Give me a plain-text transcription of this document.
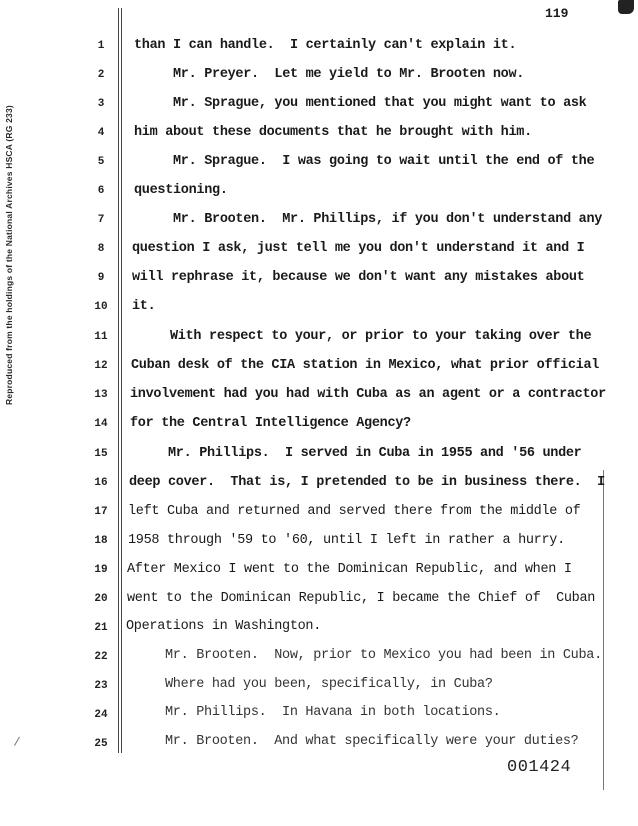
Reproduced from the holdings of the National Archives HSCA (RG 233)
119
1	than I can handle.  I certainly can't explain it.
2	Mr. Preyer.  Let me yield to Mr. Brooten now.
3	Mr. Sprague, you mentioned that you might want to ask
4	him about these documents that he brought with him.
5	Mr. Sprague.  I was going to wait until the end of the
6	questioning.
7	Mr. Brooten.  Mr. Phillips, if you don't understand any
8	question I ask, just tell me you don't understand it and I
9	will rephrase it, because we don't want any mistakes about
10 it.
11 With respect to your, or prior to your taking over the
12 Cuban desk of the CIA station in Mexico, what prior official
13 involvement had you had with Cuba as an agent or a contractor
14 for the Central Intelligence Agency?
15 Mr. Phillips.  I served in Cuba in 1955 and '56 under
16 deep cover.  That is, I pretended to be in business there.  I
17 left Cuba and returned and served there from the middle of
18 1958 through '59 to '60, until I left in rather a hurry.
19 After Mexico I went to the Dominican Republic, and when I
20 went to the Dominican Republic, I became the Chief of  Cuban
21 Operations in Washington.
22 Mr. Brooten.  Now, prior to Mexico you had been in Cuba.
23 Where had you been, specifically, in Cuba?
24 Mr. Phillips.  In Havana in both locations.
25 Mr. Brooten.  And what specifically were your duties?
001424
